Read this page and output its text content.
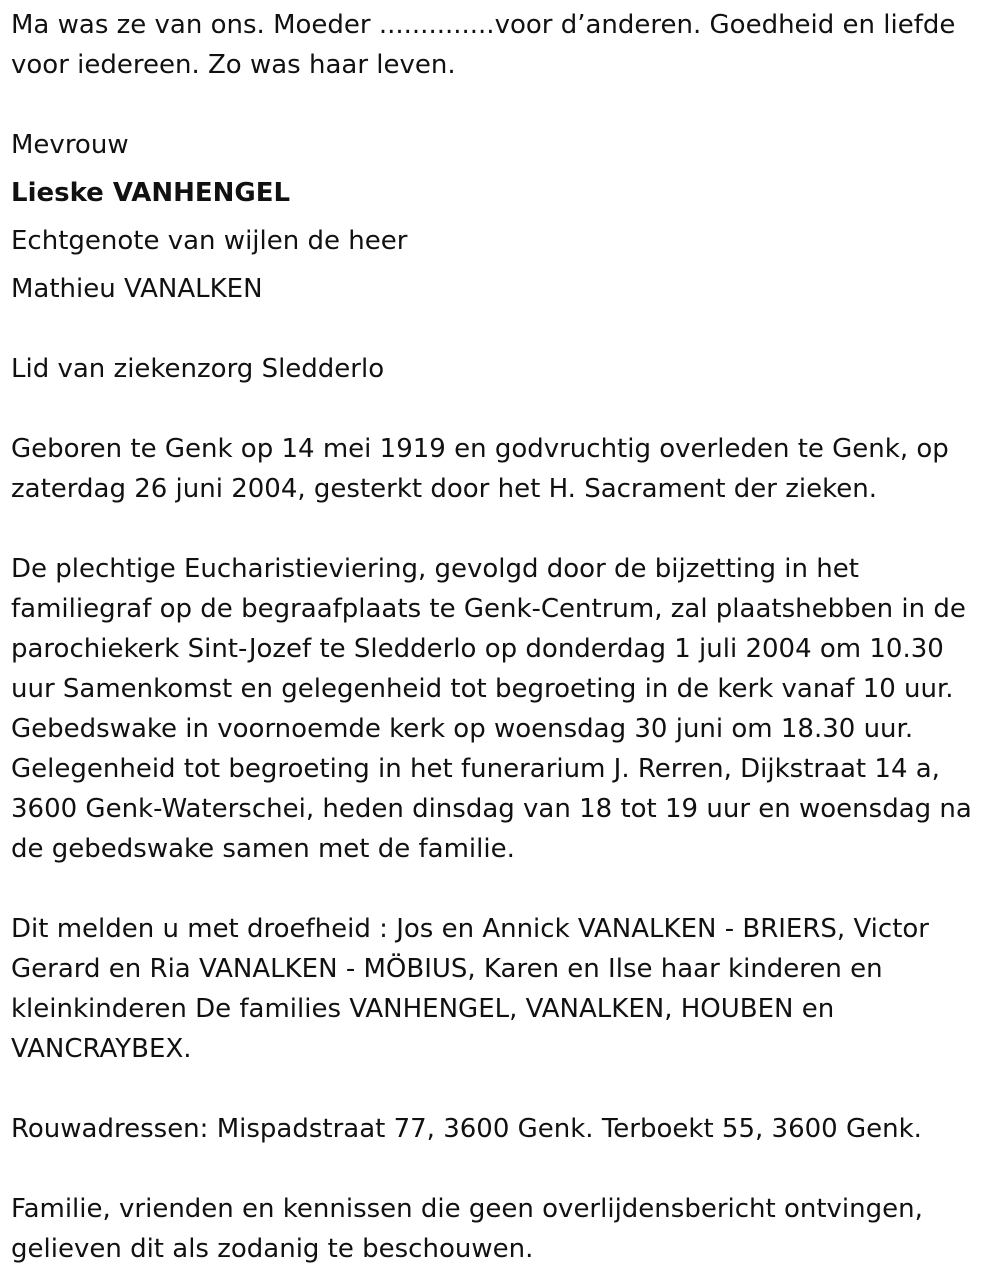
Ma was ze van ons. Moeder ..............voor d’anderen. Goedheid en liefde voor iedereen. Zo was haar leven.

Mevrouw

Lieske VANHENGEL

Echtgenote van wijlen de heer

Mathieu VANALKEN

Lid van ziekenzorg Sledderlo

Geboren te Genk op 14 mei 1919 en godvruchtig overleden te Genk, op zaterdag 26 juni 2004, gesterkt door het H. Sacrament der zieken.

De plechtige Eucharistieviering, gevolgd door de bijzetting in het familiegraf op de begraafplaats te Genk-Centrum, zal plaatshebben in de parochiekerk Sint-Jozef te Sledderlo op donderdag 1 juli 2004 om 10.30 uur Samenkomst en gelegenheid tot begroeting in de kerk vanaf 10 uur. Gebedswake in voornoemde kerk op woensdag 30 juni om 18.30 uur. Gelegenheid tot begroeting in het funerarium J. Rerren, Dijkstraat 14 a, 3600 Genk-Waterschei, heden dinsdag van 18 tot 19 uur en woensdag na de gebedswake samen met de familie.

Dit melden u met droefheid : Jos en Annick VANALKEN - BRIERS, Victor Gerard en Ria VANALKEN - MÖBIUS, Karen en Ilse haar kinderen en kleinkinderen De families VANHENGEL, VANALKEN, HOUBEN en VANCRAYBEX.

Rouwadressen: Mispadstraat 77, 3600 Genk. Terboekt 55, 3600 Genk.

Familie, vrienden en kennissen die geen overlijdensbericht ontvingen, gelieven dit als zodanig te beschouwen.
